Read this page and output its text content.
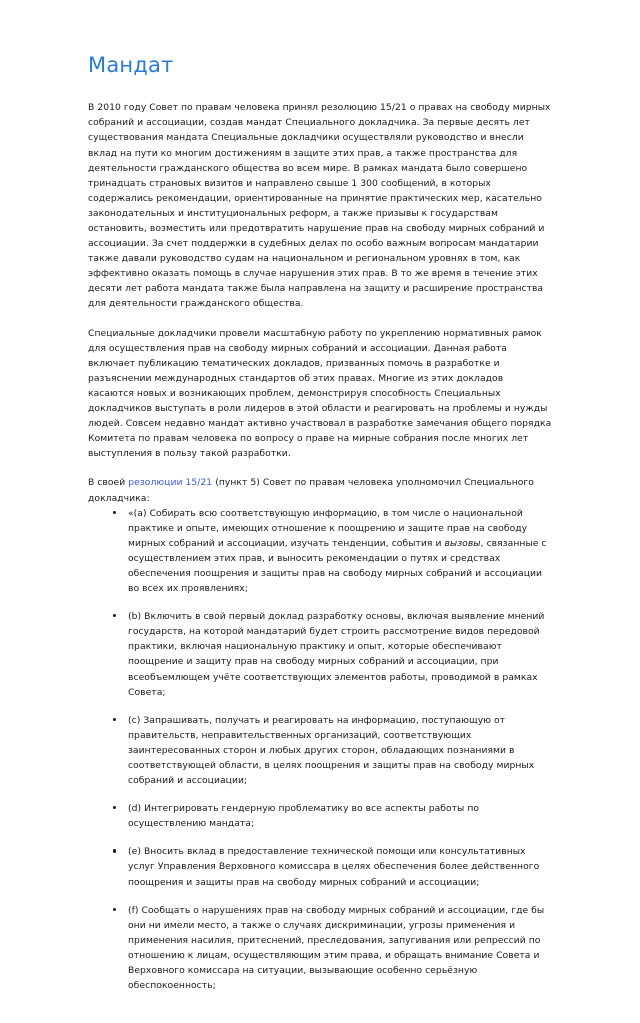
Мандат

В 2010 году Совет по правам человека принял резолюцию 15/21 о правах на свободу мирных собраний и ассоциации, создав мандат Специального докладчика. За первые десять лет существования мандата Специальные докладчики осуществляли руководство и внесли вклад на пути ко многим достижениям в защите этих прав, а также пространства для деятельности гражданского общества во всем мире. В рамках мандата было совершено тринадцать страновых визитов и направлено свыше 1 300 сообщений, в которых содержались рекомендации, ориентированные на принятие практических мер, касательно законодательных и институциональных реформ, а также призывы к государствам остановить, возместить или предотвратить нарушение прав на свободу мирных собраний и ассоциации. За счет поддержки в судебных делах по особо важным вопросам мандатарии также давали руководство судам на национальном и региональном уровнях в том, как эффективно оказать помощь в случае нарушения этих прав. В то же время в течение этих десяти лет работа мандата также была направлена на защиту и расширение пространства для деятельности гражданского общества.

Специальные докладчики провели масштабную работу по укреплению нормативных рамок для осуществления прав на свободу мирных собраний и ассоциации. Данная работа включает публикацию тематических докладов, призванных помочь в разработке и разъяснении международных стандартов об этих правах. Многие из этих докладов касаются новых и возникающих проблем, демонстрируя способность Специальных докладчиков выступать в роли лидеров в этой области и реагировать на проблемы и нужды людей. Совсем недавно мандат активно участвовал в разработке замечания общего порядка Комитета по правам человека по вопросу о праве на мирные собрания после многих лет выступления в пользу такой разработки.

В своей резолюции 15/21 (пункт 5) Совет по правам человека уполномочил Специального докладчика:

«(a) Собирать всю соответствующую информацию, в том числе о национальной практике и опыте, имеющих отношение к поощрению и защите прав на свободу мирных собраний и ассоциации, изучать тенденции, события и вызовы, связанные с осуществлением этих прав, и выносить рекомендации о путях и средствах обеспечения поощрения и защиты прав на свободу мирных собраний и ассоциации во всех их проявлениях;
(b) Включить в свой первый доклад разработку основы, включая выявление мнений государств, на которой мандатарий будет строить рассмотрение видов передовой практики, включая национальную практику и опыт, которые обеспечивают поощрение и защиту прав на свободу мирных собраний и ассоциации, при всеобъемлющем учёте соответствующих элементов работы, проводимой в рамках Совета;
(c) Запрашивать, получать и реагировать на информацию, поступающую от правительств, неправительственных организаций, соответствующих заинтересованных сторон и любых других сторон, обладающих познаниями в соответствующей области, в целях поощрения и защиты прав на свободу мирных собраний и ассоциации;
(d) Интегрировать гендерную проблематику во все аспекты работы по осуществлению мандата;
(e) Вносить вклад в предоставление технической помощи или консультативных услуг Управления Верховного комиссара в целях обеспечения более действенного поощрения и защиты прав на свободу мирных собраний и ассоциации;
(f) Сообщать о нарушениях прав на свободу мирных собраний и ассоциации, где бы они ни имели место, а также о случаях дискриминации, угрозы применения и применения насилия, притеснений, преследования, запугивания или репрессий по отношению к лицам, осуществляющим этим права, и обращать внимание Совета и Верховного комиссара на ситуации, вызывающие особенно серьёзную обеспокоенность;
